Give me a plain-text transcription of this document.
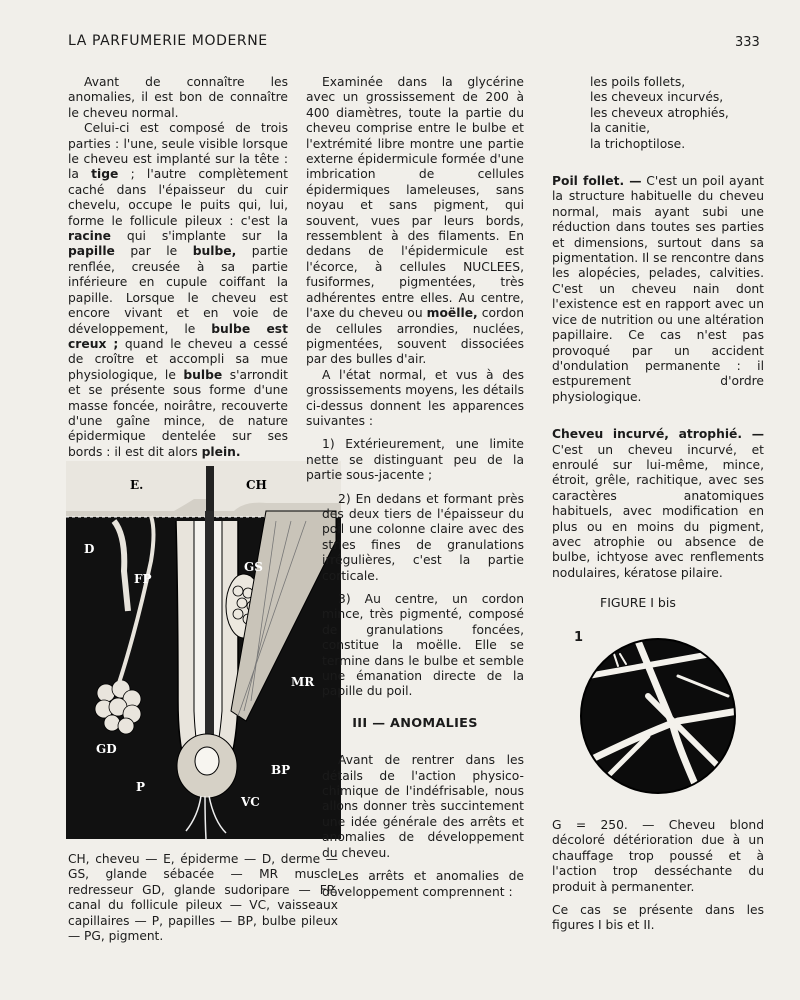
LA PARFUMERIE MODERNE	333

Avant de connaître les anomalies, il est bon de connaître le cheveu normal.

Celui-ci est composé de trois parties : l'une, seule visible lorsque le cheveu est implanté sur la tête : la tige ; l'autre complètement caché dans l'épaisseur du cuir chevelu, occupe le puits qui, lui, forme le follicule pileux : c'est la racine qui s'implante sur la papille par le bulbe, partie renflée, creusée à sa partie inférieure en cupule coiffant la papille. Lorsque le cheveu est encore vivant et en voie de développement, le bulbe est creux ; quand le cheveu a cessé de croître et accompli sa mue physiologique, le bulbe s'arrondit et se présente sous forme d'une masse foncée, noirâtre, recouverte d'une gaîne mince, de nature épidermique dentelée sur ses bords : il est dit alors plein.

E.	CH
D
FP
GS
MR
GD
P
BP
VC
CH, cheveu — E, épiderme — D, derme — GS, glande sébacée — MR muscle redresseur GD, glande sudoripare — FP, canal du follicule pileux — VC, vaisseaux capillaires — P, papilles — BP, bulbe pileux — PG, pigment.

Examinée dans la glycérine avec un grossissement de 200 à 400 diamètres, toute la partie du cheveu comprise entre le bulbe et l'extrémité libre montre une partie externe épidermicule formée d'une imbrication de cellules épidermiques lameleuses, sans noyau et sans pigment, qui souvent, vues par leurs bords, ressemblent à des filaments. En dedans de l'épidermicule est l'écorce, à cellules NUCLEES, fusiformes, pigmentées, très adhérentes entre elles. Au centre, l'axe du cheveu ou moëlle, cordon de cellules arrondies, nuclées, pigmentées, souvent dissociées par des bulles d'air.

A l'état normal, et vus à des grossissements moyens, les détails ci-dessus donnent les apparences suivantes :

1) Extérieurement, une limite nette se distinguant peu de la partie sous-jacente ;

2) En dedans et formant près des deux tiers de l'épaisseur du poil une colonne claire avec des stries fines de granulations irrégulières, c'est la partie corticale.

3) Au centre, un cordon mince, très pigmenté, composé de granulations foncées, constitue la moëlle. Elle se termine dans le bulbe et semble une émanation directe de la papille du poil.

III — ANOMALIES

Avant de rentrer dans les détails de l'action physico-chimique de l'indéfrisable, nous allons donner très succintement une idée générale des arrêts et anomalies de développement du cheveu.

Les arrêts et anomalies de développement comprennent :

les poils follets,
les cheveux incurvés,
les cheveux atrophiés,
la canitie,
la trichoptilose.

Poil follet. — C'est un poil ayant la structure habituelle du cheveu normal, mais ayant subi une réduction dans toutes ses parties et dimensions, surtout dans sa pigmentation. Il se rencontre dans les alopécies, pelades, calvities. C'est un cheveu nain dont l'existence est en rapport avec un vice de nutrition ou une altération papillaire. Ce cas n'est pas provoqué par un accident d'ondulation permanente : il estpurement d'ordre physiologique.

Cheveu incurvé, atrophié. — C'est un cheveu incurvé, et enroulé sur lui-même, mince, étroit, grêle, rachitique, avec ses caractères anatomiques habituels, avec modification en plus ou en moins du pigment, avec atrophie ou absence de bulbe, ichtyose avec renflements nodulaires, kératose pilaire.

FIGURE I bis
1

G = 250. — Cheveu blond décoloré détérioration due à un chauffage trop poussé et à l'action trop desséchante du produit à permanenter.

Ce cas se présente dans les figures I bis et II.
